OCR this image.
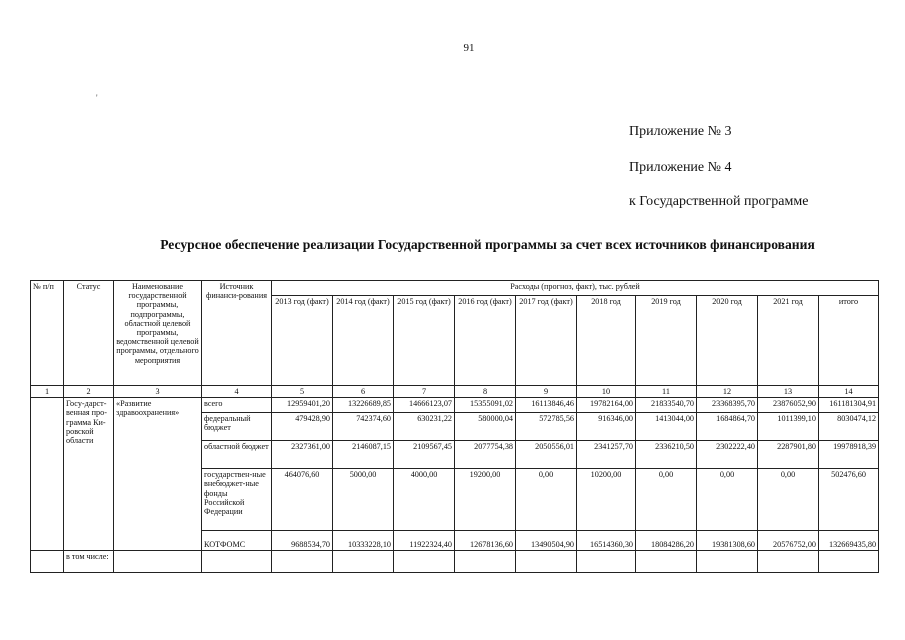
91
'
Приложение № 3
Приложение № 4
к Государственной программе
Ресурсное обеспечение реализации Государственной программы за счет всех источников финансирования
№ п/п	Статус	Наименование государственной программы, подпрограммы, областной целевой программы, ведомственной целевой программы, отдельного мероприятия	Источник финанси-рования	Расходы (прогноз, факт), тыс. рублей									
				2013 год (факт)	2014 год (факт)	2015 год (факт)	2016 год (факт)	2017 год (факт)	2018 год	2019 год	2020 год	2021 год	итого
1	2	3	4	5	6	7	8	9	10	11	12	13	14
	Госу-дарст-венная про-грамма Ки-ровской области	«Развитие здравоохранения»	всего	12959401,20	13226689,85	14666123,07	15355091,02	16113846,46	19782164,00	21833540,70	23368395,70	23876052,90	161181304,91
			федеральный бюджет	479428,90	742374,60	630231,22	580000,04	572785,56	916346,00	1413044,00	1684864,70	1011399,10	8030474,12
			областной бюджет	2327361,00	2146087,15	2109567,45	2077754,38	2050556,01	2341257,70	2336210,50	2302222,40	2287901,80	19978918,39
			государствен-ные внебюджет-ные фонды Российской Федерации	464076,60	5000,00	4000,00	19200,00	0,00	10200,00	0,00	0,00	0,00	502476,60
			КОТФОМС	9688534,70	10333228,10	11922324,40	12678136,60	13490504,90	16514360,30	18084286,20	19381308,60	20576752,00	132669435,80
	в том числе:												
